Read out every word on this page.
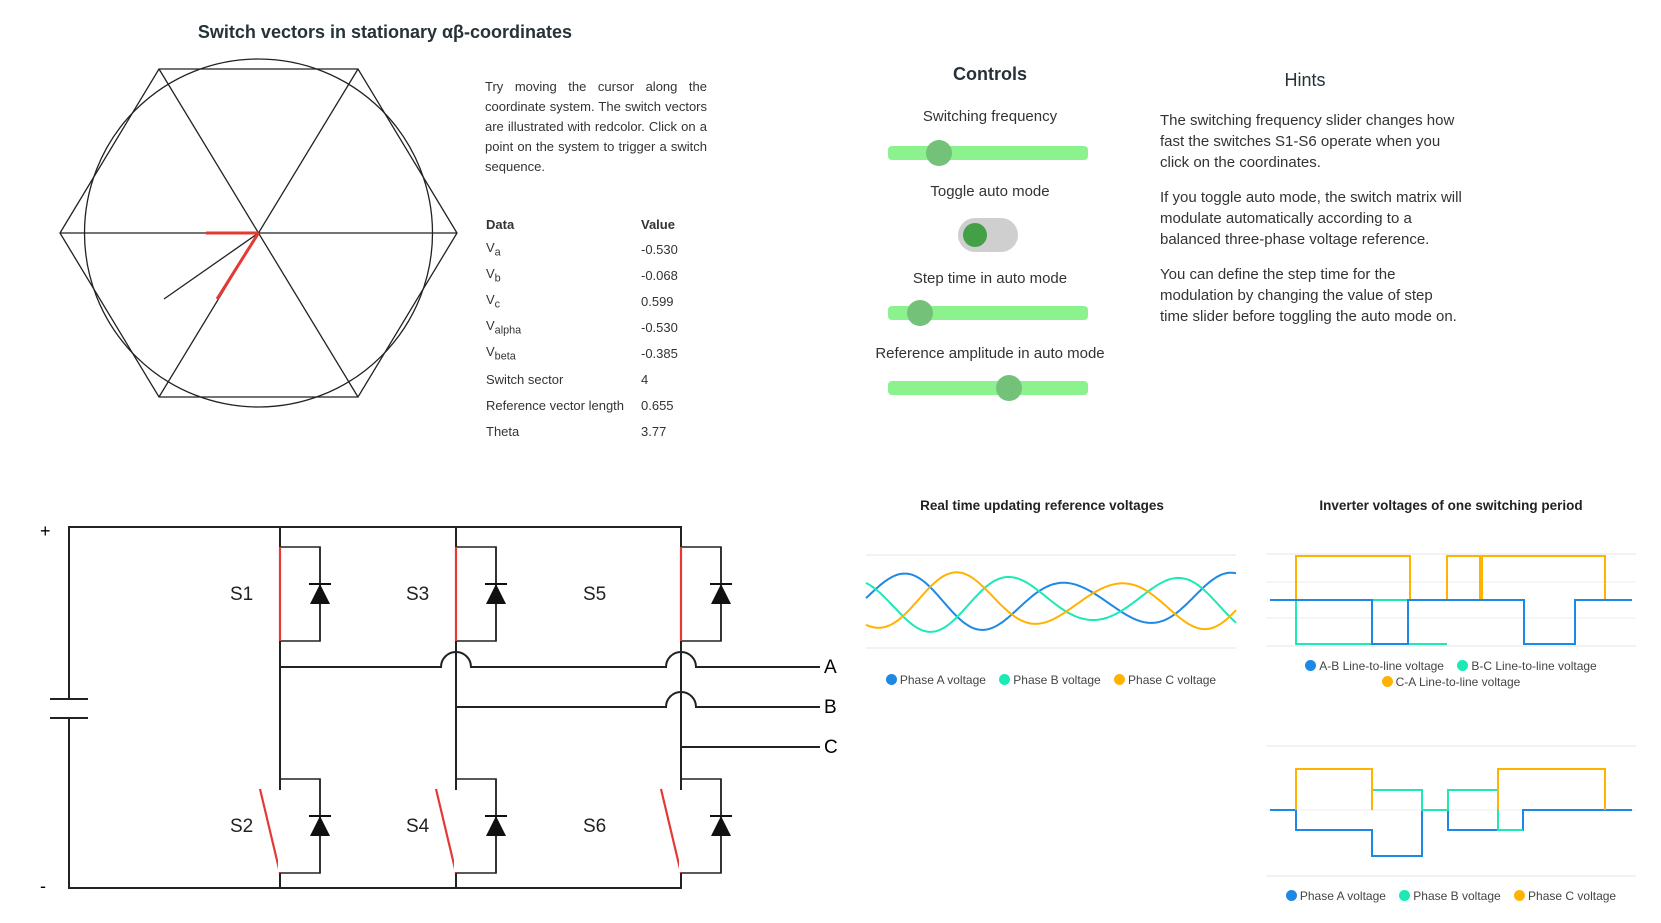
Switch vectors in stationary αβ-coordinates
Try moving the cursor along the coordinate system. The switch vectors are illustrated with redcolor. Click on a point on the system to trigger a switch sequence.
Data	Value
$V_a$	-0.530
$V_b$	-0.068
$V_c$	0.599
$V_{alpha}$	-0.530
$V_{beta}$	-0.385
Switch sector	4
Reference vector length	0.655
Theta	3.77
Controls
Switching frequency
Toggle auto mode
Step time in auto mode
Reference amplitude in auto mode
Hints

The switching frequency slider changes how fast the switches S1-S6 operate when you click on the coordinates.

If you toggle auto mode, the switch matrix will modulate automatically according to a balanced three-phase voltage reference.

You can define the step time for the modulation by changing the value of step time slider before toggling the auto mode on.

+
-
A
B
C
S1	S3	S5
S2	S4	S6
Real time updating reference voltages
Phase A voltage Phase B voltage Phase C voltage
Inverter voltages of one switching period
A-B Line-to-line voltage B-C Line-to-line voltage
C-A Line-to-line voltage
Phase A voltage Phase B voltage Phase C voltage
